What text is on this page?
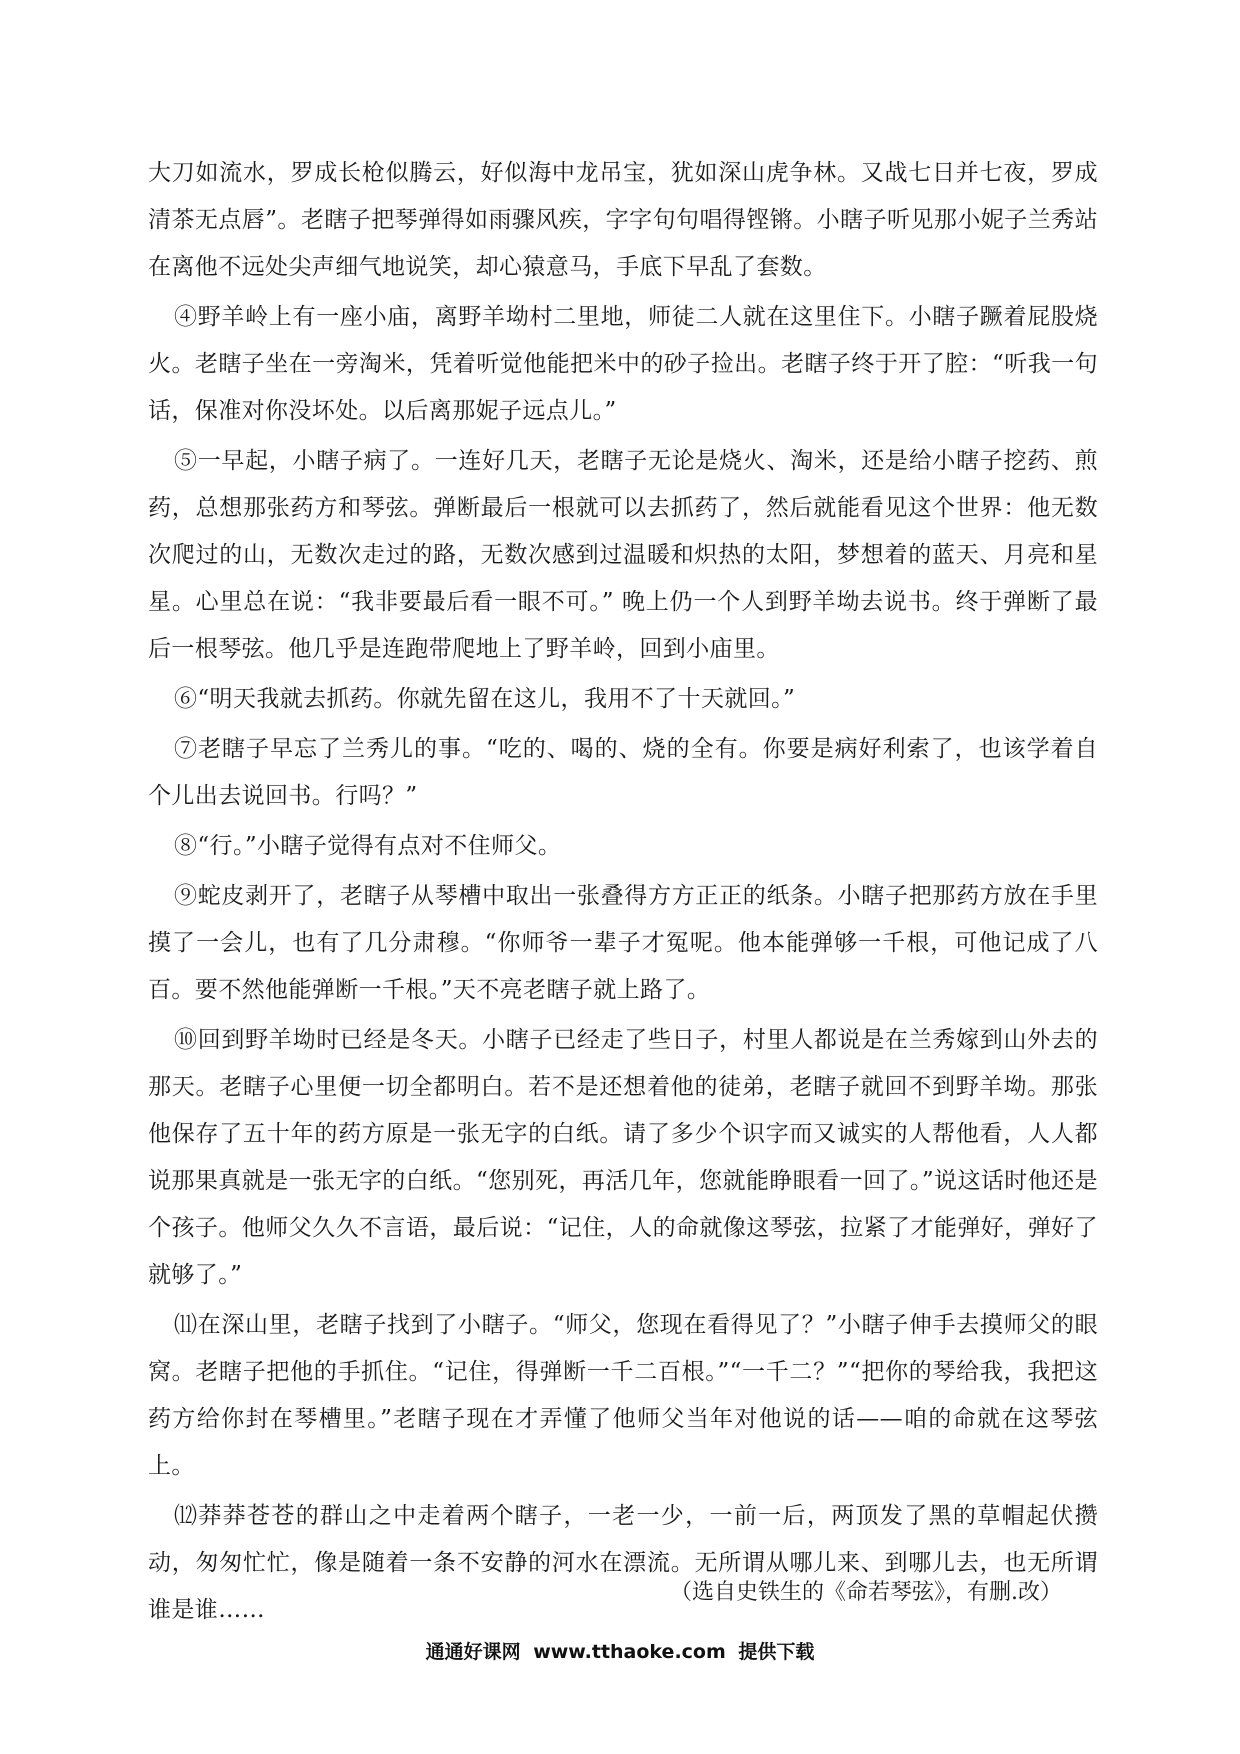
大刀如流水，罗成长枪似腾云，好似海中龙吊宝，犹如深山虎争林。又战七日并七夜，罗成清茶无点唇”。老瞎子把琴弹得如雨骤风疾，字字句句唱得铿锵。小瞎子听见那小妮子兰秀站在离他不远处尖声细气地说笑，却心猿意马，手底下早乱了套数。

④野羊岭上有一座小庙，离野羊坳村二里地，师徒二人就在这里住下。小瞎子蹶着屁股烧火。老瞎子坐在一旁淘米，凭着听觉他能把米中的砂子捡出。老瞎子终于开了腔：“听我一句话，保准对你没坏处。以后离那妮子远点儿。”

⑤一早起，小瞎子病了。一连好几天，老瞎子无论是烧火、淘米，还是给小瞎子挖药、煎药，总想那张药方和琴弦。弹断最后一根就可以去抓药了，然后就能看见这个世界：他无数次爬过的山，无数次走过的路，无数次感到过温暖和炽热的太阳，梦想着的蓝天、月亮和星星。心里总在说：“我非要最后看一眼不可。” 晚上仍一个人到野羊坳去说书。终于弹断了最后一根琴弦。他几乎是连跑带爬地上了野羊岭，回到小庙里。

⑥“明天我就去抓药。你就先留在这儿，我用不了十天就回。”

⑦老瞎子早忘了兰秀儿的事。“吃的、喝的、烧的全有。你要是病好利索了，也该学着自个儿出去说回书。行吗？”

⑧“行。”小瞎子觉得有点对不住师父。

⑨蛇皮剥开了，老瞎子从琴槽中取出一张叠得方方正正的纸条。小瞎子把那药方放在手里摸了一会儿，也有了几分肃穆。“你师爷一辈子才冤呢。他本能弹够一千根，可他记成了八百。要不然他能弹断一千根。”天不亮老瞎子就上路了。

⑩回到野羊坳时已经是冬天。小瞎子已经走了些日子，村里人都说是在兰秀嫁到山外去的那天。老瞎子心里便一切全都明白。若不是还想着他的徒弟，老瞎子就回不到野羊坳。那张他保存了五十年的药方原是一张无字的白纸。请了多少个识字而又诚实的人帮他看，人人都说那果真就是一张无字的白纸。“您别死，再活几年，您就能睁眼看一回了。”说这话时他还是个孩子。他师父久久不言语，最后说：“记住，人的命就像这琴弦，拉紧了才能弹好，弹好了就够了。”

⑾在深山里，老瞎子找到了小瞎子。“师父，您现在看得见了？”小瞎子伸手去摸师父的眼窝。老瞎子把他的手抓住。“记住，得弹断一千二百根。”“一千二？”“把你的琴给我，我把这药方给你封在琴槽里。”老瞎子现在才弄懂了他师父当年对他说的话——咱的命就在这琴弦上。

⑿莽莽苍苍的群山之中走着两个瞎子，一老一少，一前一后，两顶发了黑的草帽起伏攒动，匆匆忙忙，像是随着一条不安静的河水在漂流。无所谓从哪儿来、到哪儿去，也无所谓谁是谁……

（选自史铁生的《命若琴弦》，有删.改）
通通好课网 www.tthaoke.com 提供下载
